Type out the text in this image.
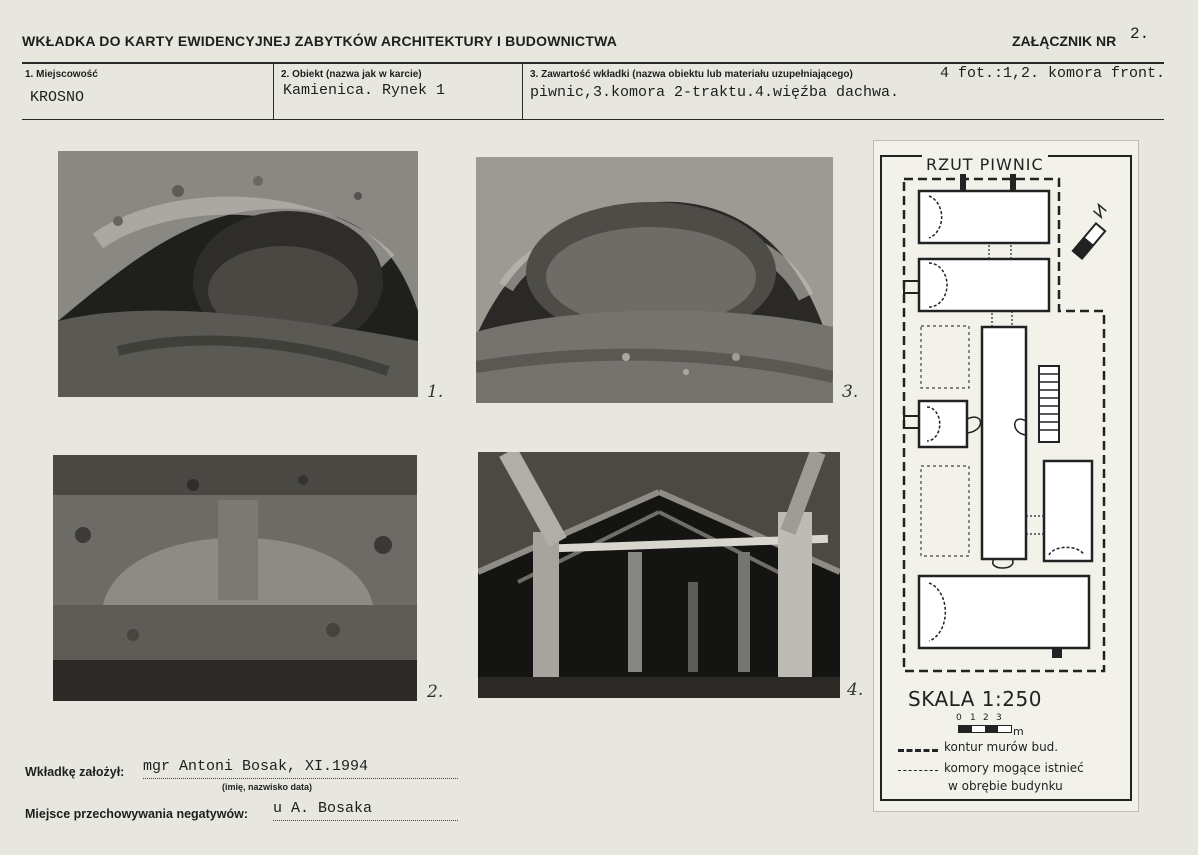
WKŁADKA DO KARTY EWIDENCYJNEJ ZABYTKÓW ARCHITEKTURY I BUDOWNICTWA	ZAŁĄCZNIK NR 2.
1. Miejscowość
KROSNO
2. Obiekt (nazwa jak w karcie)
Kamienica. Rynek 1
3. Zawartość wkładki (nazwa obiektu lub materiału uzupełniającego)	4 fot.:1,2. komora front.
piwnic,3.komora 2-traktu.4.więźba dachwa.
1.	3.
2.	4.
RZUT PIWNIC
SKALA 1:250
0 1 2 3
m
kontur murów bud.
komory mogące istnieć
w obrębie budynku
Wkładkę założył: mgr Antoni Bosak, XI.1994
(imię, nazwisko data)
Miejsce przechowywania negatywów: u A. Bosaka
